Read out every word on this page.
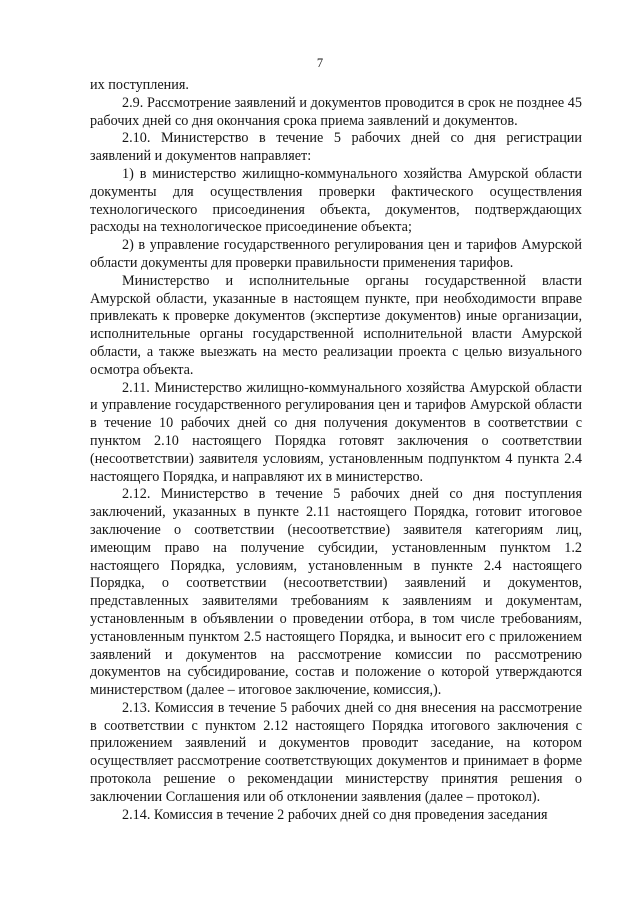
7

их поступления.

2.9. Рассмотрение заявлений и документов проводится в срок не позднее 45 рабочих дней со дня окончания срока приема заявлений и документов.

2.10. Министерство в течение 5 рабочих дней со дня регистрации заявлений и документов направляет:

1) в министерство жилищно-коммунального хозяйства Амурской области документы для осуществления проверки фактического осуществления технологического присоединения объекта, документов, подтверждающих расходы на технологическое присоединение объекта;

2) в управление государственного регулирования цен и тарифов Амурской области документы для проверки правильности применения тарифов.

Министерство и исполнительные органы государственной власти Амурской области, указанные в настоящем пункте, при необходимости вправе привлекать к проверке документов (экспертизе документов) иные организации, исполнительные органы государственной исполнительной власти Амурской области, а также выезжать на место реализации проекта с целью визуального осмотра объекта.

2.11. Министерство жилищно-коммунального хозяйства Амурской области и управление государственного регулирования цен и тарифов Амурской области в течение 10 рабочих дней со дня получения документов в соответствии с пунктом 2.10 настоящего Порядка готовят заключения о соответствии (несоответствии) заявителя условиям, установленным подпунктом 4 пункта 2.4 настоящего Порядка, и направляют их в министерство.

2.12. Министерство в течение 5 рабочих дней со дня поступления заключений, указанных в пункте 2.11 настоящего Порядка, готовит итоговое заключение о соответствии (несоответствие) заявителя категориям лиц, имеющим право на получение субсидии, установленным пунктом 1.2 настоящего Порядка, условиям, установленным в пункте 2.4 настоящего Порядка, о соответствии (несоответствии) заявлений и документов, представленных заявителями требованиям к заявлениям и документам, установленным в объявлении о проведении отбора, в том числе требованиям, установленным пунктом 2.5 настоящего Порядка, и выносит его с приложением заявлений и документов на рассмотрение комиссии по рассмотрению документов на субсидирование, состав и положение о которой утверждаются министерством (далее – итоговое заключение, комиссия,).

2.13. Комиссия в течение 5 рабочих дней со дня внесения на рассмотрение в соответствии с пунктом 2.12 настоящего Порядка итогового заключения с приложением заявлений и документов проводит заседание, на котором осуществляет рассмотрение соответствующих документов и принимает в форме протокола решение о рекомендации министерству принятия решения о заключении Соглашения или об отклонении заявления (далее – протокол).

2.14. Комиссия в течение 2 рабочих дней со дня проведения заседания
